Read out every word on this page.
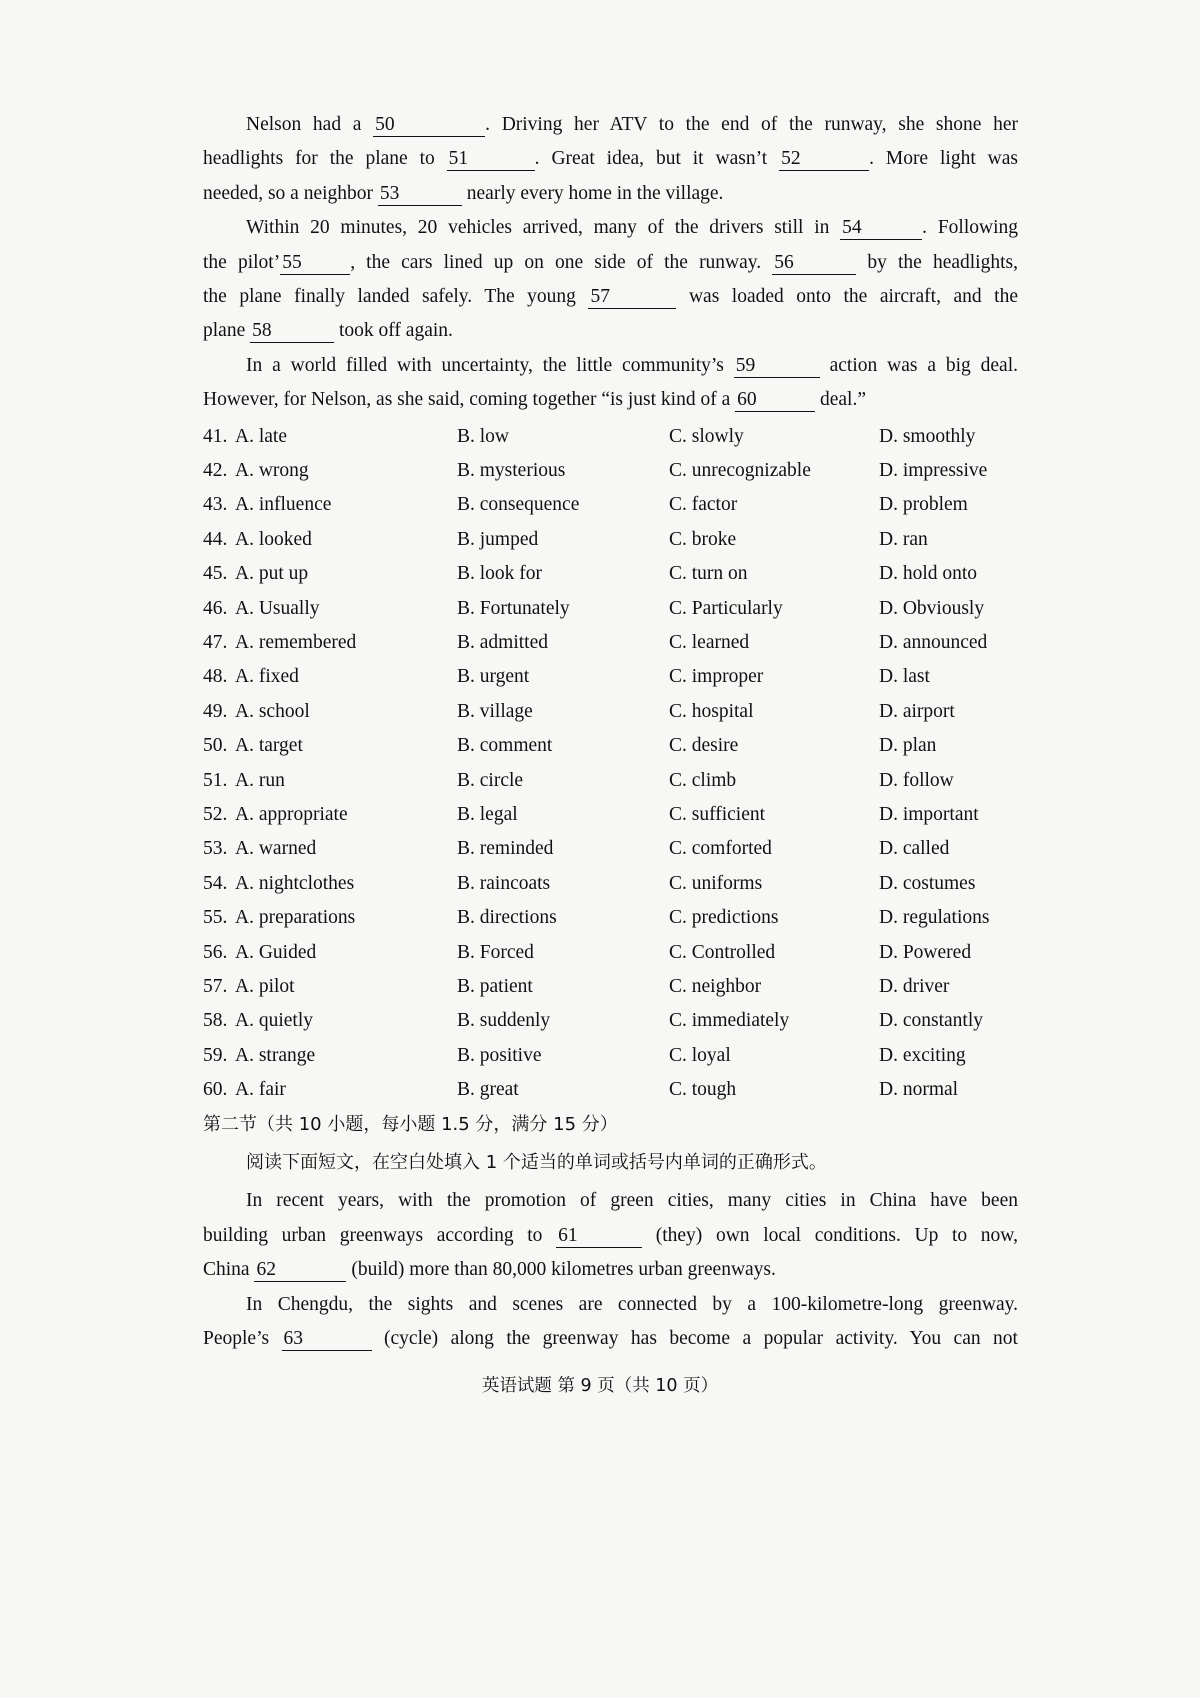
Nelson had a 50	. Driving her ATV to the end of the runway, she shone her
headlights for the plane to 51	. Great idea, but it wasn’t 52	. More light was
needed, so a neighbor 53	nearly every home in the village.
Within 20 minutes, 20 vehicles arrived, many of the drivers still in 54	. Following
the pilot’ 55 , the cars lined up on one side of the runway. 56	by the headlights,
the plane finally landed safely. The young 57	was loaded onto the aircraft, and the
plane 58	took off again.
In a world filled with uncertainty, the little community’s 59	action was a big deal.
However, for Nelson, as she said, coming together “is just kind of a 60	deal.”
41. A. late	B. low	C. slowly	D. smoothly
42. A. wrong	B. mysterious	C. unrecognizable	D. impressive
43. A. influence	B. consequence	C. factor	D. problem
44. A. looked	B. jumped	C. broke	D. ran
45. A. put up	B. look for	C. turn on	D. hold onto
46. A. Usually	B. Fortunately	C. Particularly	D. Obviously
47. A. remembered	B. admitted	C. learned	D. announced
48. A. fixed	B. urgent	C. improper	D. last
49. A. school	B. village	C. hospital	D. airport
50. A. target	B. comment	C. desire	D. plan
51. A. run	B. circle	C. climb	D. follow
52. A. appropriate	B. legal	C. sufficient	D. important
53. A. warned	B. reminded	C. comforted	D. called
54. A. nightclothes	B. raincoats	C. uniforms	D. costumes
55. A. preparations	B. directions	C. predictions	D. regulations
56. A. Guided	B. Forced	C. Controlled	D. Powered
57. A. pilot	B. patient	C. neighbor	D. driver
58. A. quietly	B. suddenly	C. immediately	D. constantly
59. A. strange	B. positive	C. loyal	D. exciting
60. A. fair	B. great	C. tough	D. normal
第二节（共 10 小题，每小题 1.5 分，满分 15 分）
阅读下面短文，在空白处填入 1 个适当的单词或括号内单词的正确形式。
In recent years, with the promotion of green cities, many cities in China have been
building urban greenways according to 61	(they) own local conditions. Up to now,
China 62	(build) more than 80,000 kilometres urban greenways.
In Chengdu, the sights and scenes are connected by a 100-kilometre-long greenway.
People’s 63	(cycle) along the greenway has become a popular activity. You can not
英语试题 第 9 页（共 10 页）
